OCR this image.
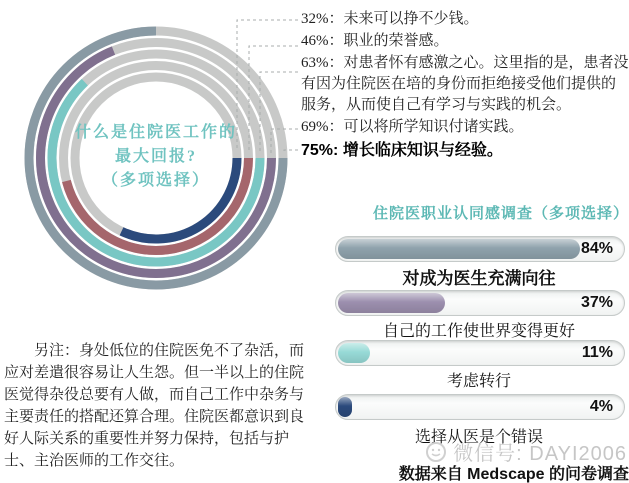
什么是住院医工作的
最大回报?
（多项选择）
32%：未来可以挣不少钱。
46%：职业的荣誉感。
63%：对患者怀有感激之心。这里指的是，患者没有因为住院医在培的身份而拒绝接受他们提供的服务，从而使自己有学习与实践的机会。
69%：可以将所学知识付诸实践。
75%: 增长临床知识与经验。
另注：身处低位的住院医免不了杂活，而应对差遣很容易让人生怨。但一半以上的住院医觉得杂役总要有人做，而自己工作中杂务与主要责任的搭配还算合理。住院医都意识到良好人际关系的重要性并努力保持，包括与护士、主治医师的工作交往。
住院医职业认同感调查（多项选择）
84%
对成为医生充满向往
37%
自己的工作使世界变得更好
11%
考虑转行
4%
选择从医是个错误
微信号: DAYI2006
数据来自 Medscape 的问卷调查
